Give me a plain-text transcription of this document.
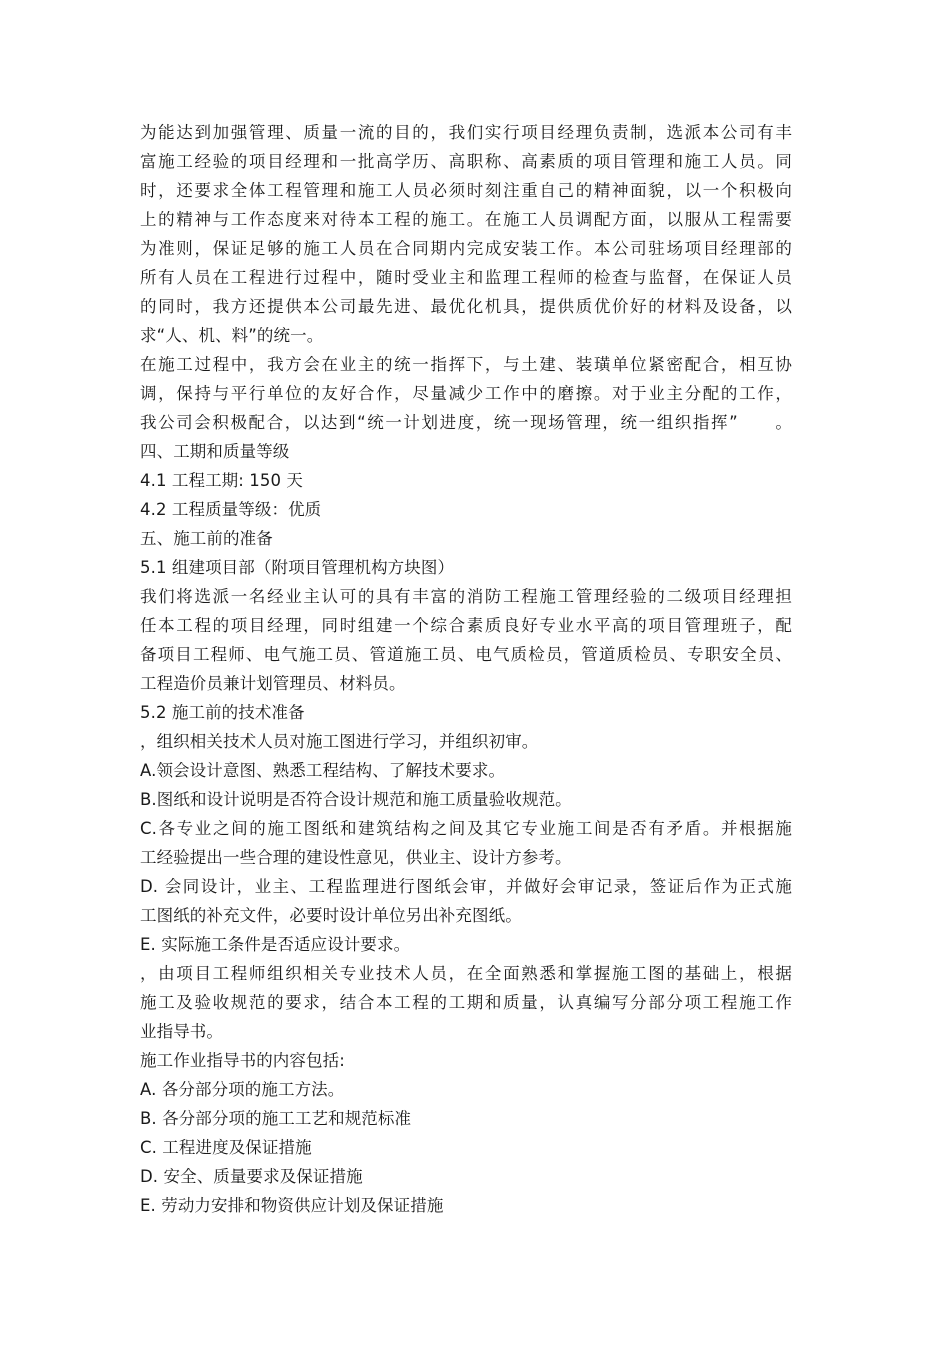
为能达到加强管理、质量一流的目的，我们实行项目经理负责制，选派本公司有丰
富施工经验的项目经理和一批高学历、高职称、高素质的项目管理和施工人员。同
时，还要求全体工程管理和施工人员必须时刻注重自己的精神面貌，以一个积极向
上的精神与工作态度来对待本工程的施工。在施工人员调配方面，以服从工程需要
为准则，保证足够的施工人员在合同期内完成安装工作。本公司驻场项目经理部的
所有人员在工程进行过程中，随时受业主和监理工程师的检查与监督，在保证人员
的同时，我方还提供本公司最先进、最优化机具，提供质优价好的材料及设备，以
求“人、机、料”的统一。
在施工过程中，我方会在业主的统一指挥下，与土建、装璜单位紧密配合，相互协
调，保持与平行单位的友好合作，尽量减少工作中的磨擦。对于业主分配的工作，
我公司会积极配合，以达到“统一计划进度，统一现场管理，统一组织指挥”　　。
四、工期和质量等级
4.1 工程工期: 150 天
4.2 工程质量等级：优质
五、施工前的准备
5.1 组建项目部（附项目管理机构方块图）
我们将选派一名经业主认可的具有丰富的消防工程施工管理经验的二级项目经理担
任本工程的项目经理，同时组建一个综合素质良好专业水平高的项目管理班子，配
备项目工程师、电气施工员、管道施工员、电气质检员，管道质检员、专职安全员、
工程造价员兼计划管理员、材料员。
5.2 施工前的技术准备
，组织相关技术人员对施工图进行学习，并组织初审。
A.领会设计意图、熟悉工程结构、了解技术要求。
B.图纸和设计说明是否符合设计规范和施工质量验收规范。
C.各专业之间的施工图纸和建筑结构之间及其它专业施工间是否有矛盾。并根据施
工经验提出一些合理的建设性意见，供业主、设计方参考。
D. 会同设计，业主、工程监理进行图纸会审，并做好会审记录，签证后作为正式施
工图纸的补充文件，必要时设计单位另出补充图纸。
E. 实际施工条件是否适应设计要求。
，由项目工程师组织相关专业技术人员，在全面熟悉和掌握施工图的基础上，根据
施工及验收规范的要求，结合本工程的工期和质量，认真编写分部分项工程施工作
业指导书。
施工作业指导书的内容包括:
A. 各分部分项的施工方法。
B. 各分部分项的施工工艺和规范标准
C. 工程进度及保证措施
D. 安全、质量要求及保证措施
E. 劳动力安排和物资供应计划及保证措施
